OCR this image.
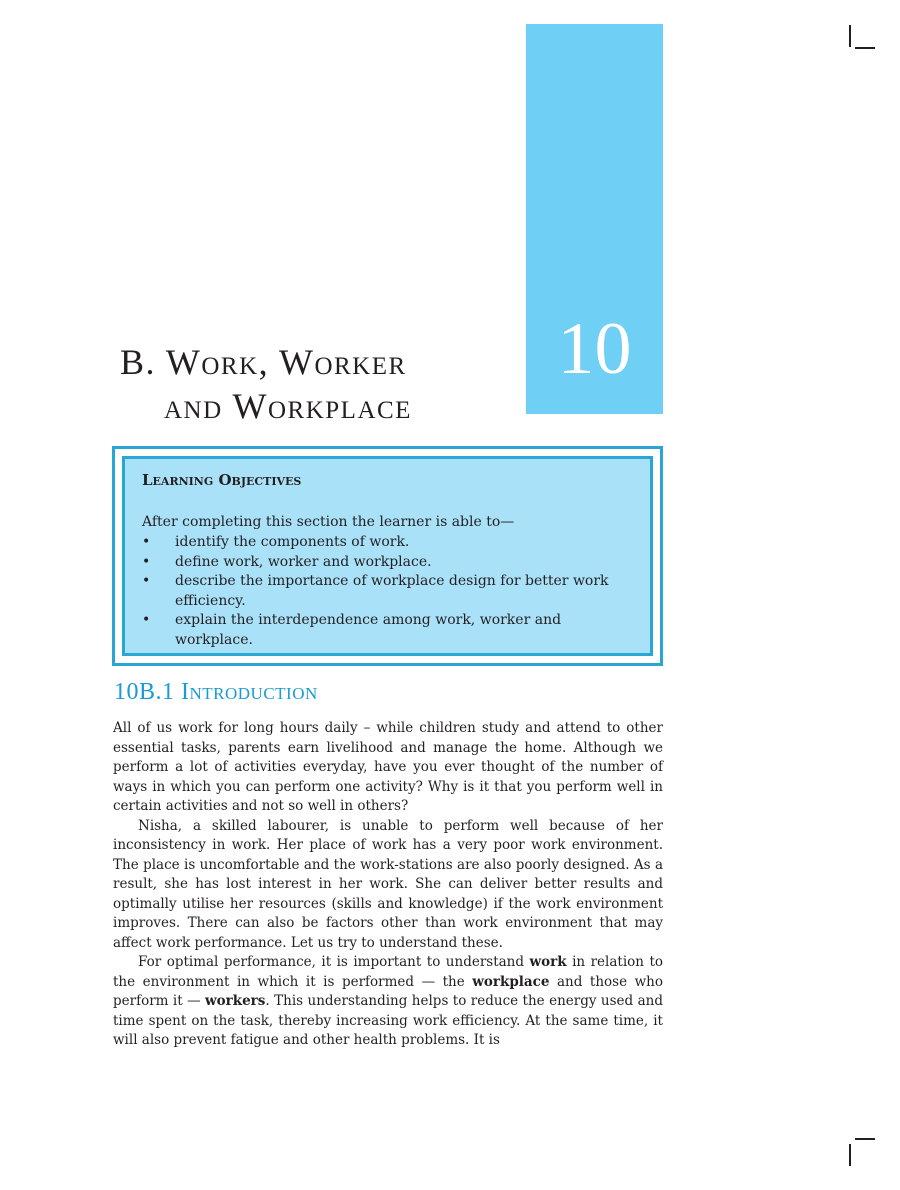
10
B. Work, Worker
and Workplace
Learning Objectives
After completing this section the learner is able to—
• identify the components of work.
• define work, worker and workplace.
• describe the importance of workplace design for better work efficiency.
• explain the interdependence among work, worker and workplace.
10B.1 Introduction

All of us work for long hours daily – while children study and attend to other essential tasks, parents earn livelihood and manage the home. Although we perform a lot of activities everyday, have you ever thought of the number of ways in which you can perform one activity? Why is it that you perform well in certain activities and not so well in others?

Nisha, a skilled labourer, is unable to perform well because of her inconsistency in work. Her place of work has a very poor work environment. The place is uncomfortable and the work-stations are also poorly designed. As a result, she has lost interest in her work. She can deliver better results and optimally utilise her resources (skills and knowledge) if the work environment improves. There can also be factors other than work environment that may affect work performance. Let us try to understand these.

For optimal performance, it is important to understand work in relation to the environment in which it is performed — the workplace and those who perform it — workers. This understanding helps to reduce the energy used and time spent on the task, thereby increasing work efficiency. At the same time, it will also prevent fatigue and other health problems. It is
